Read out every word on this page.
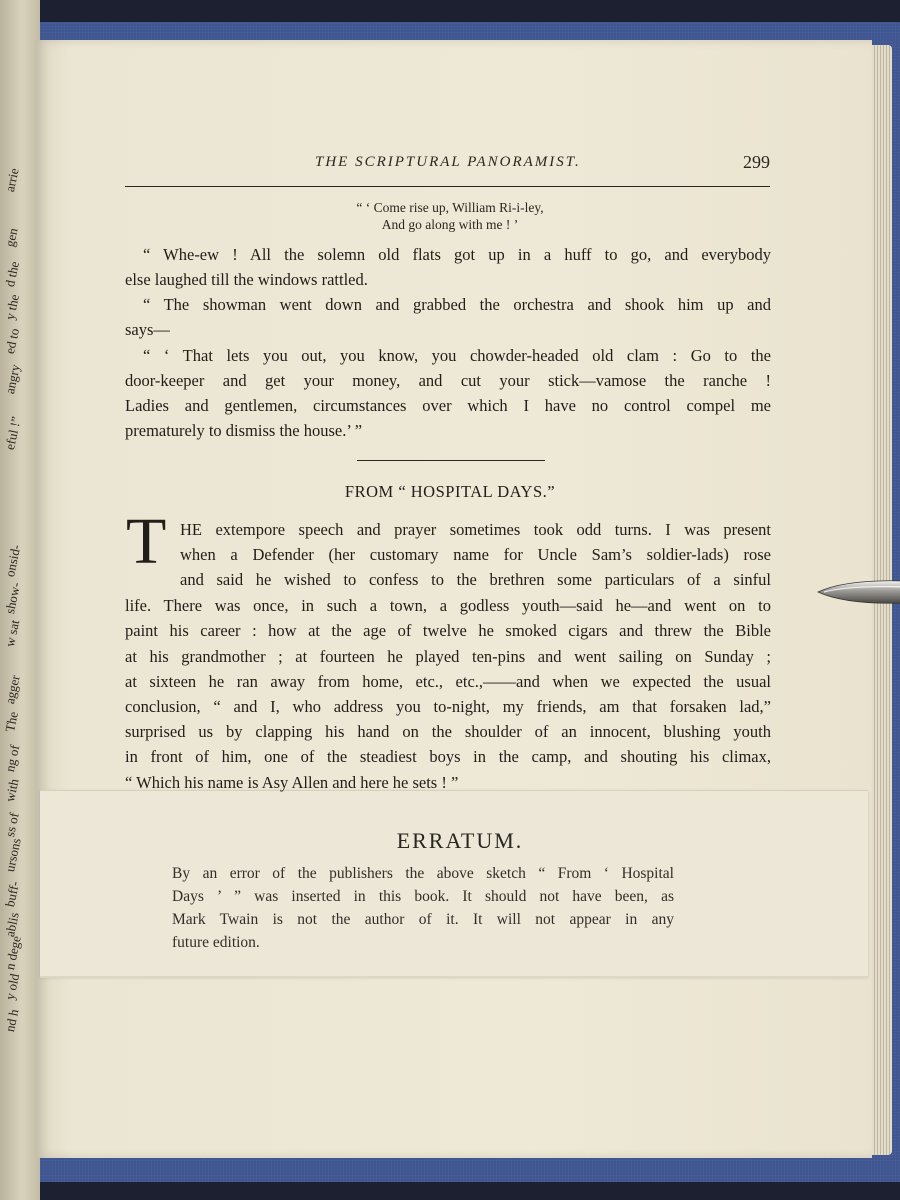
arrie
gen
d the
y the
ed to
angry
eful !”
onsid-
show-
w sat
agger
The
ng of
with
ss of
ursons
buff-
ablis
n dege
y old
nd h
THE SCRIPTURAL PANORAMIST.	299
“ ‘ Come rise up, William Ri-i-ley,
And go along with me ! ’

“ Whe-ew ! All the solemn old flats got up in a huff to go, and everybody

else laughed till the windows rattled.

“ The showman went down and grabbed the orchestra and shook him up and

says—

“ ‘ That lets you out, you know, you chowder-headed old clam : Go to the

door-keeper and get your money, and cut your stick—vamose the ranche !

Ladies and gentlemen, circumstances over which I have no control compel me

prematurely to dismiss the house.’ ”

FROM “ HOSPITAL DAYS.”
T HE extempore speech and prayer sometimes took odd turns. I was present

when a Defender (her customary name for Uncle Sam’s soldier-lads) rose

and said he wished to confess to the brethren some particulars of a sinful

life. There was once, in such a town, a godless youth—said he—and went on to

paint his career : how at the age of twelve he smoked cigars and threw the Bible

at his grandmother ; at fourteen he played ten-pins and went sailing on Sunday ;

at sixteen he ran away from home, etc., etc.,——and when we expected the usual

conclusion, “ and I, who address you to-night, my friends, am that forsaken lad,”

surprised us by clapping his hand on the shoulder of an innocent, blushing youth

in front of him, one of the steadiest boys in the camp, and shouting his climax,

“ Which his name is Asy Allen and here he sets ! ”

ERRATUM.

By an error of the publishers the above sketch “ From ‘ Hospital

Days ’ ” was inserted in this book. It should not have been, as

Mark Twain is not the author of it. It will not appear in any

future edition.
